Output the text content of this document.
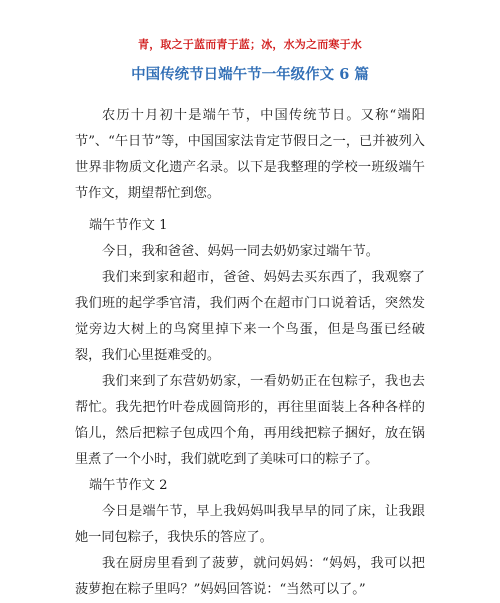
青，取之于蓝而青于蓝；冰，水为之而寒于水
中国传统节日端午节一年级作文 6 篇

农历十月初十是端午节，中国传统节日。又称“端阳节”、“午日节”等，中国国家法肯定节假日之一，已并被列入世界非物质文化遗产名录。以下是我整理的学校一班级端午节作文，期望帮忙到您。

端午节作文 1

今日，我和爸爸、妈妈一同去奶奶家过端午节。

我们来到家和超市，爸爸、妈妈去买东西了，我观察了我们班的起学季官清，我们两个在超市门口说着话，突然发觉旁边大树上的鸟窝里掉下来一个鸟蛋，但是鸟蛋已经破裂，我们心里挺难受的。

我们来到了东营奶奶家，一看奶奶正在包粽子，我也去帮忙。我先把竹叶卷成圆筒形的，再往里面装上各种各样的馅儿，然后把粽子包成四个角，再用线把粽子捆好，放在锅里煮了一个小时，我们就吃到了美味可口的粽子了。

端午节作文 2

今日是端午节，早上我妈妈叫我早早的同了床，让我跟她一同包粽子，我快乐的答应了。

我在厨房里看到了菠萝，就问妈妈：“妈妈，我可以把菠萝抱在粽子里吗？”妈妈回答说：“当然可以了。”
